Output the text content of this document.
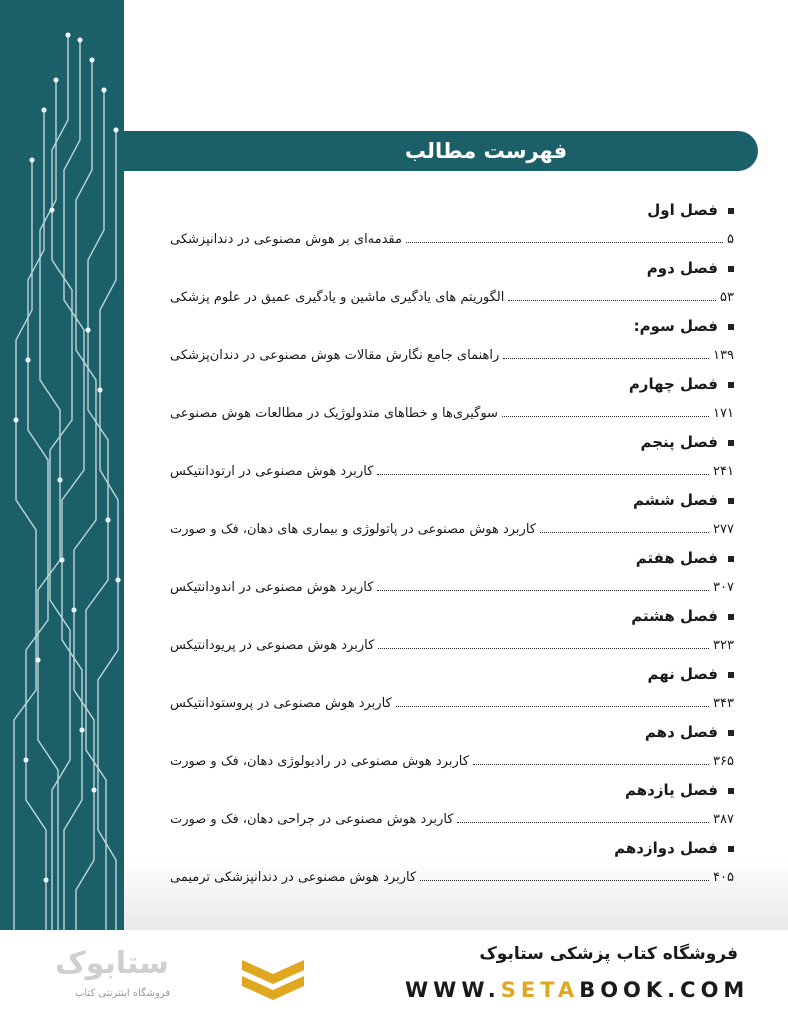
فهرست مطالب
فصل اول
مقدمه‌ای بر هوش مصنوعی در دندانپزشکی	۵
فصل دوم
الگوریتم های یادگیری ماشین و یادگیری عمیق در علوم پزشکی	۵۳
فصل سوم:
راهنمای جامع نگارش مقالات هوش مصنوعی در دندان‌پزشکی	۱۳۹
فصل چهارم
سوگیری‌ها و خطاهای متدولوژیک در مطالعات هوش مصنوعی	۱۷۱
فصل پنجم
کاربرد هوش مصنوعی در ارتودانتیکس	۲۴۱
فصل ششم
کاربرد هوش مصنوعی در پاتولوژی و بیماری های دهان، فک و صورت	۲۷۷
فصل هفتم
کاربرد هوش مصنوعی در اندودانتیکس	۳۰۷
فصل هشتم
کاربرد هوش مصنوعی در پریودانتیکس	۳۲۳
فصل نهم
کاربرد هوش مصنوعی در پروستودانتیکس	۳۴۳
فصل دهم
کاربرد هوش مصنوعی در رادیولوژی دهان، فک و صورت	۳۶۵
فصل یازدهم
کاربرد هوش مصنوعی در جراحی دهان، فک و صورت	۳۸۷
فصل دوازدهم
کاربرد هوش مصنوعی در دندانپزشکی ترمیمی	۴۰۵
فروشگاه کتاب پزشکی ستابوک
WWW.SETABOOK.COM
ستابوک
فروشگاه اینترنتی کتاب
